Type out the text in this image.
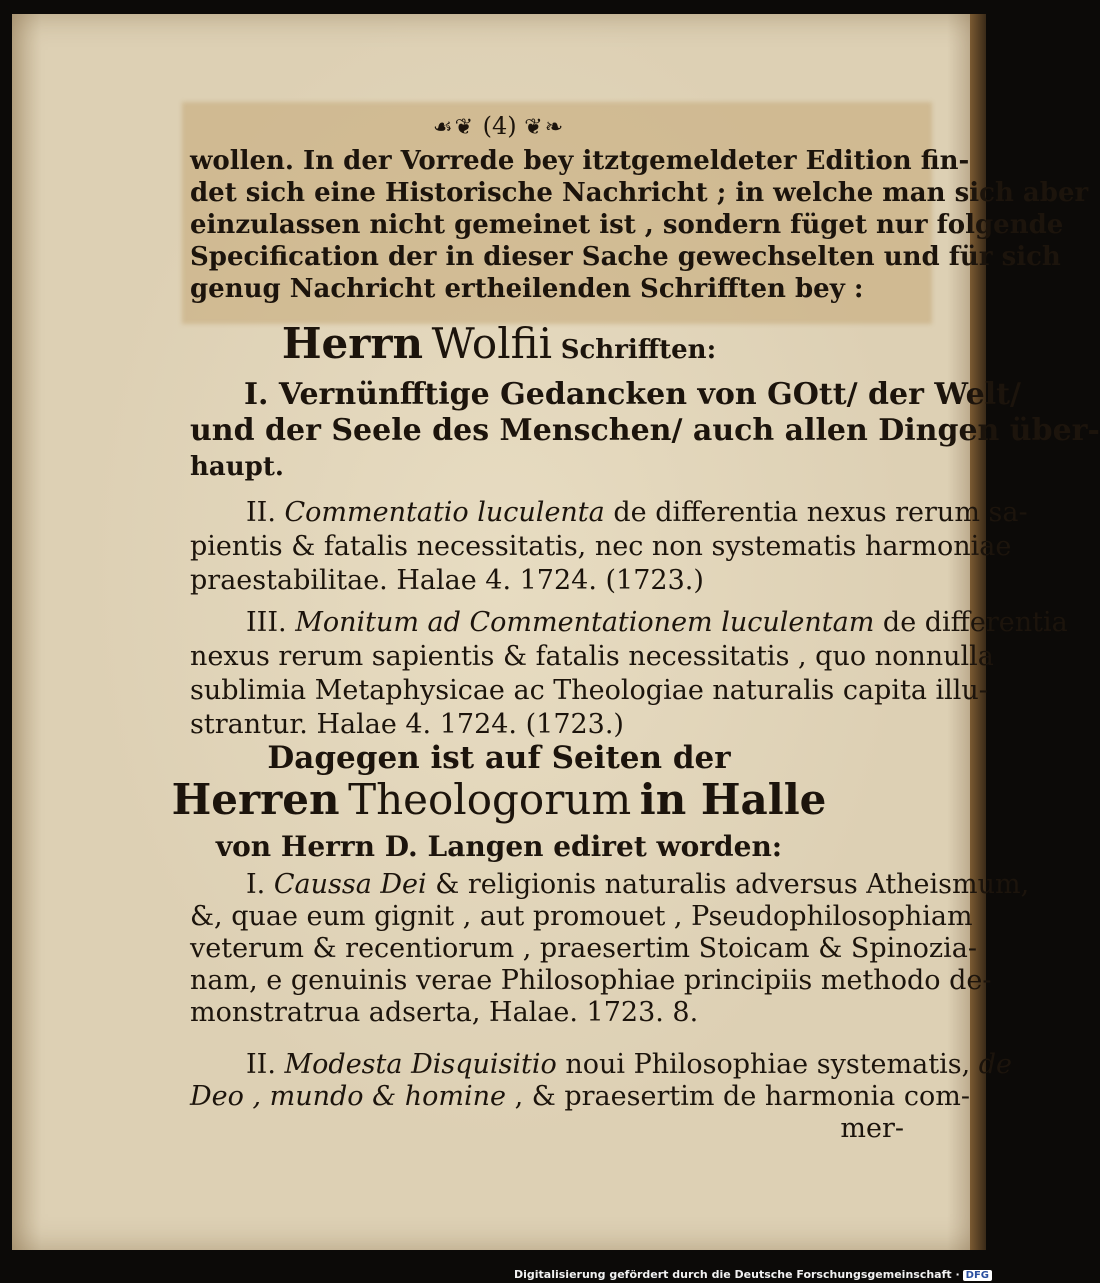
☙❦ (4) ❦❧
wollen. In der Vorrede bey itztgemeldeter Edition fin-
det sich eine Historische Nachricht ; in welche man sich aber
einzulassen nicht gemeinet ist , sondern füget nur folgende
Specification der in dieser Sache gewechselten und für sich
genug Nachricht ertheilenden Schrifften bey :
Herrn Wolfii Schrifften:
I. Vernünfftige Gedancken von GOtt/ der Welt/
und der Seele des Menschen/ auch allen Dingen über-
haupt.
II. Commentatio luculenta de differentia nexus rerum sa-
pientis & fatalis necessitatis, nec non systematis harmoniae
praestabilitae. Halae 4. 1724. (1723.)
III. Monitum ad Commentationem luculentam de differentia
nexus rerum sapientis & fatalis necessitatis , quo nonnulla
sublimia Metaphysicae ac Theologiae naturalis capita illu-
strantur. Halae 4. 1724. (1723.)
Dagegen ist auf Seiten der
Herren Theologorum in Halle
von Herrn D. Langen ediret worden:
I. Caussa Dei & religionis naturalis adversus Atheismum,
&, quae eum gignit , aut promouet , Pseudophilosophiam
veterum & recentiorum , praesertim Stoicam & Spinozia-
nam, e genuinis verae Philosophiae principiis methodo de-
monstratrua adserta, Halae. 1723. 8.
II. Modesta Disquisitio noui Philosophiae systematis, de
Deo , mundo & homine , & praesertim de harmonia com-
mer-
Digitalisierung gefördert durch die Deutsche Forschungsgemeinschaft · DFG
